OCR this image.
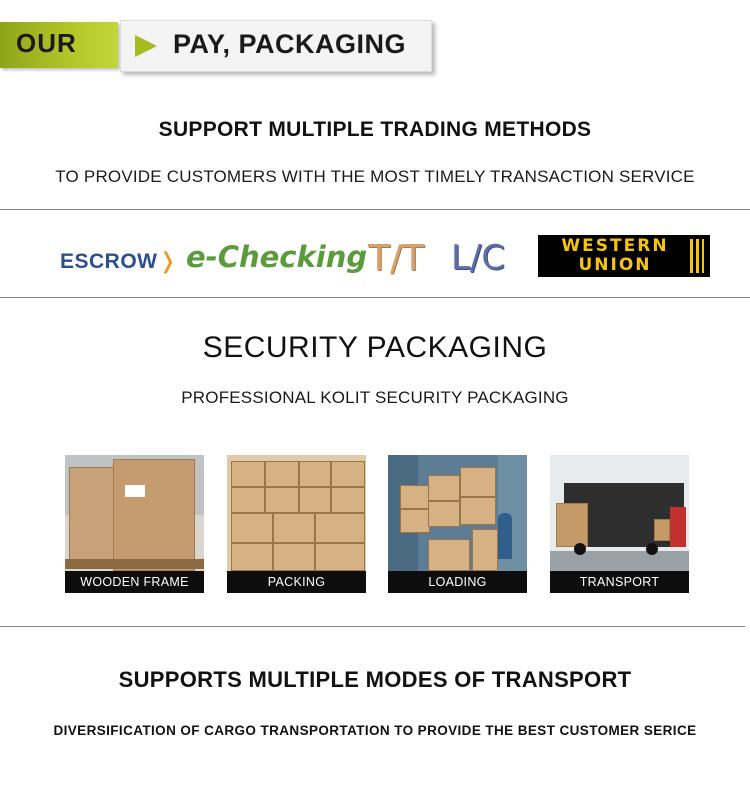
OUR	PAY, PACKAGING
SUPPORT MULTIPLE TRADING METHODS
TO PROVIDE CUSTOMERS WITH THE MOST TIMELY TRANSACTION SERVICE
ESCROW❭ e-Checking T/T L/C	WESTERN
UNION
SECURITY PACKAGING
PROFESSIONAL KOLIT SECURITY PACKAGING
WOODEN FRAME	PACKING	LOADING	TRANSPORT
SUPPORTS MULTIPLE MODES OF TRANSPORT
DIVERSIFICATION OF CARGO TRANSPORTATION TO PROVIDE THE BEST CUSTOMER SERICE
